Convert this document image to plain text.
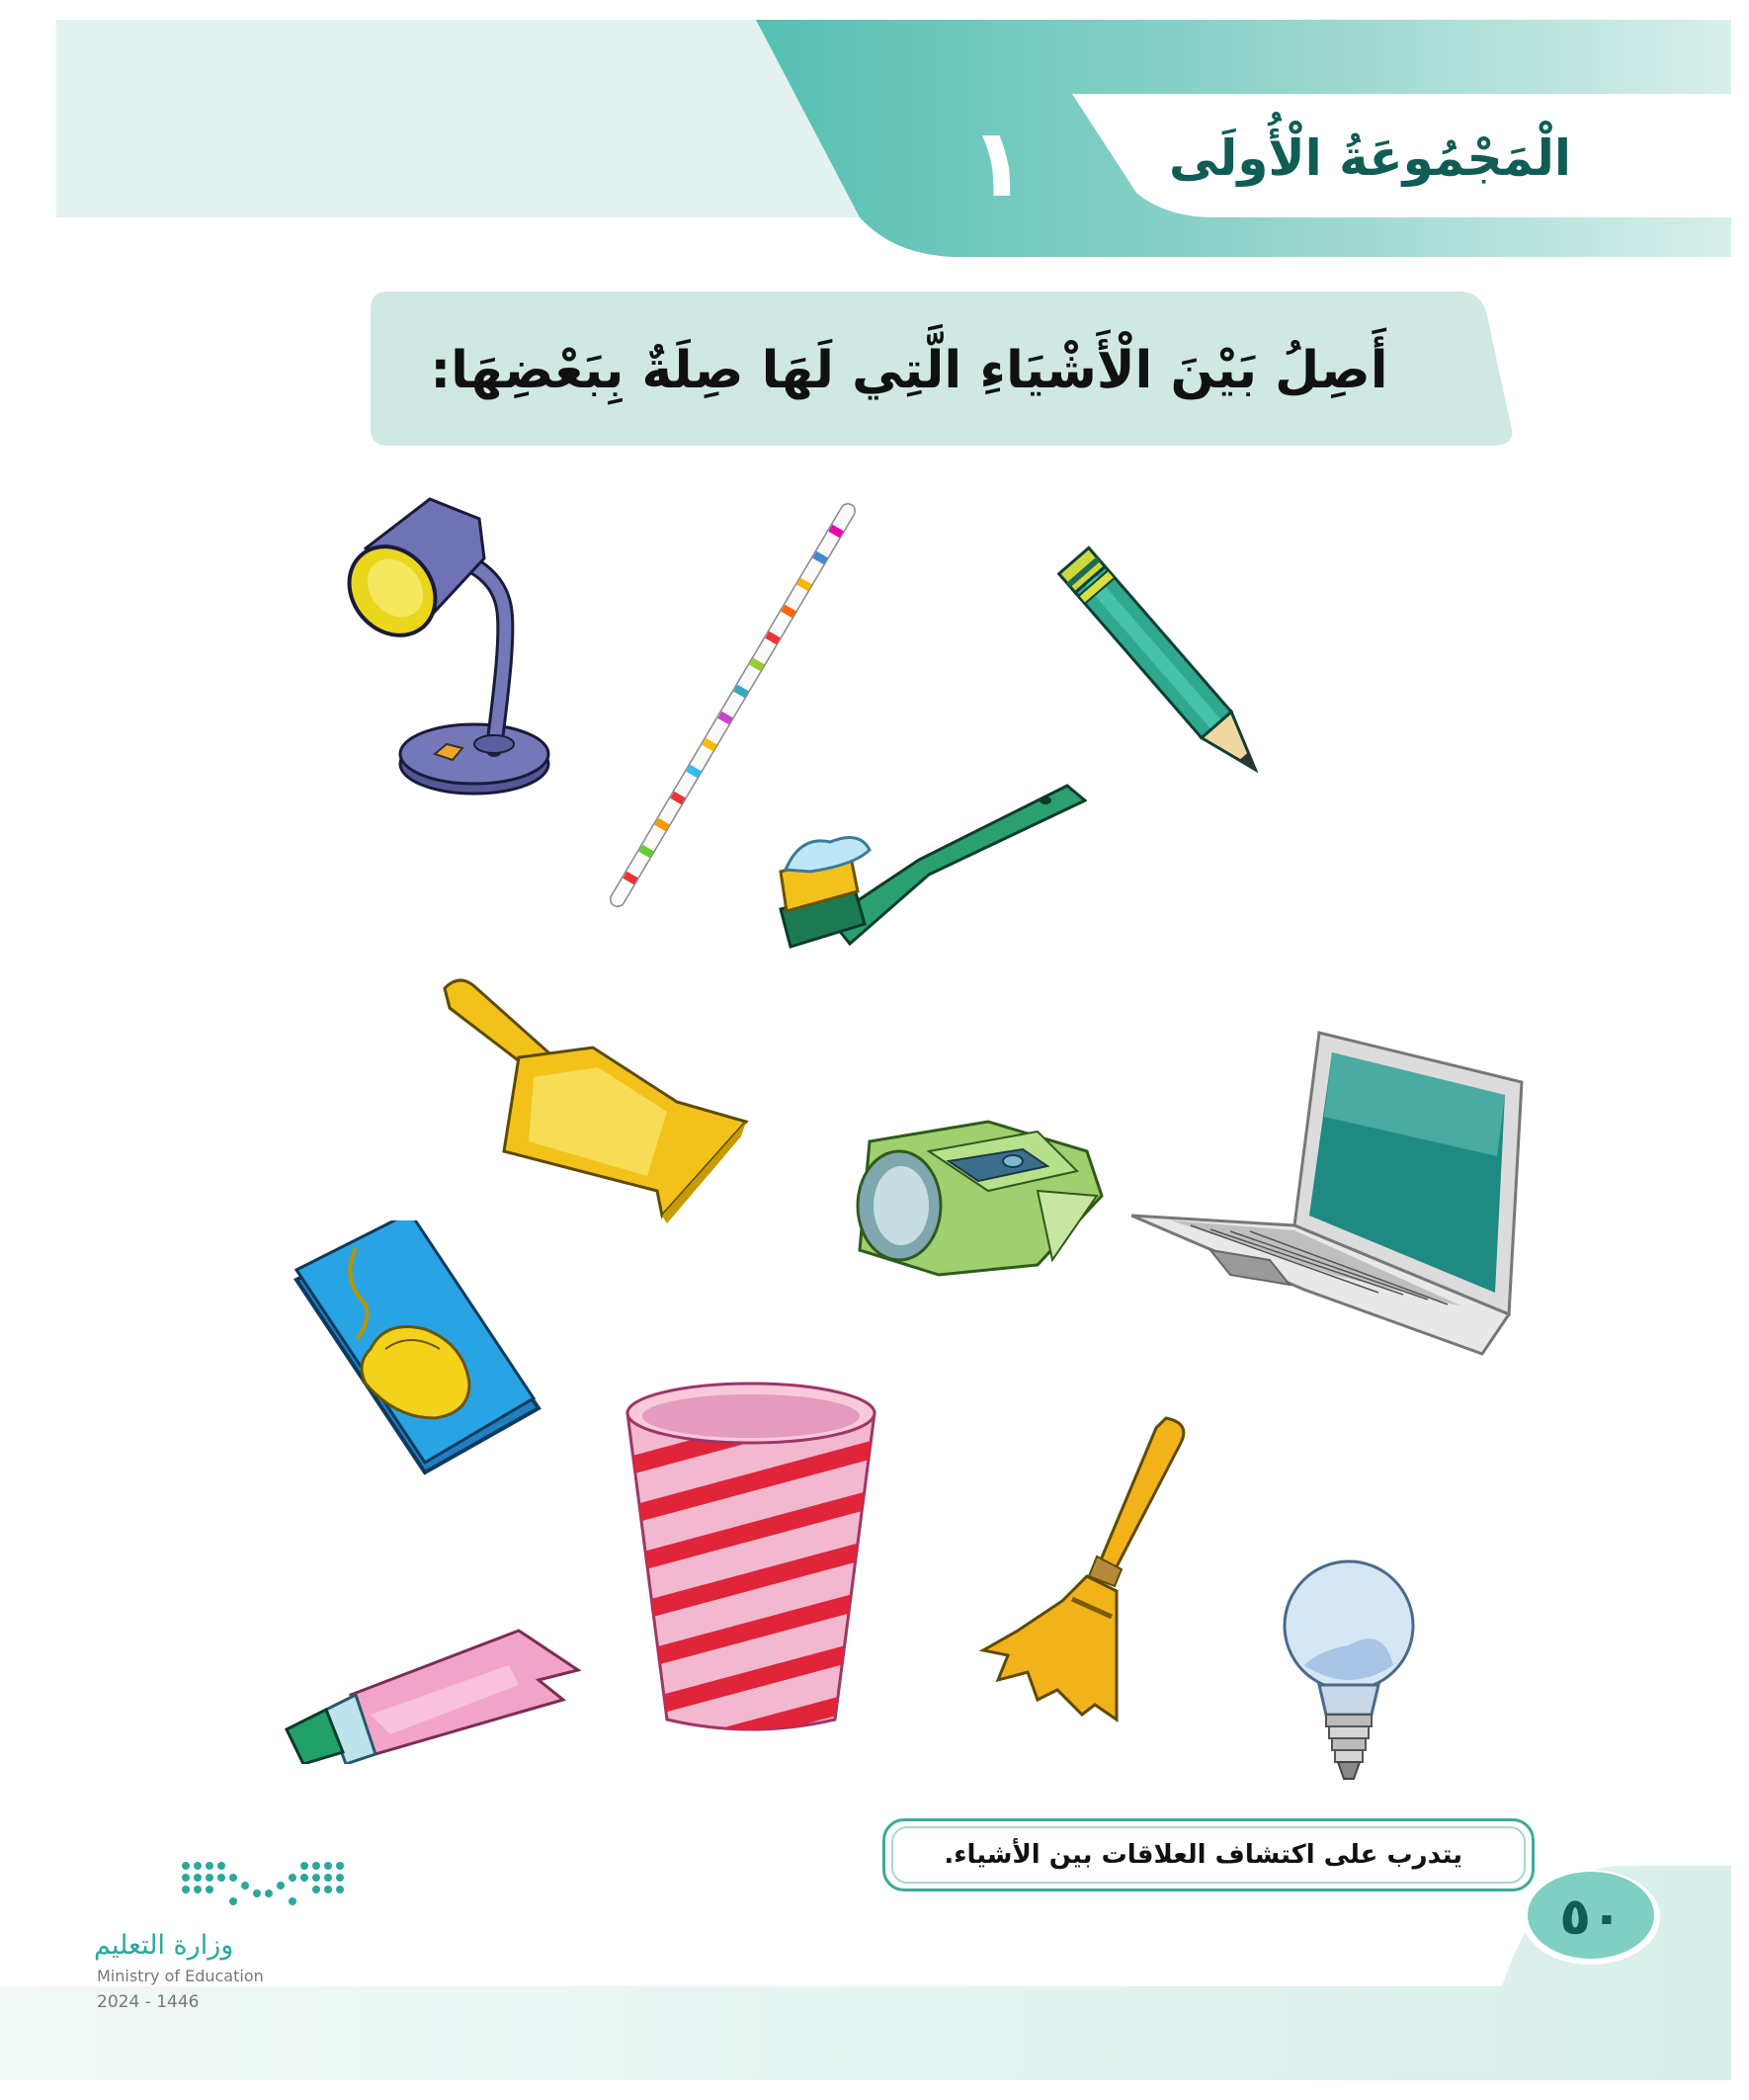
١	الْمَجْمُوعَةُ الْأُولَى
أَصِلُ بَيْنَ الْأَشْيَاءِ الَّتِي لَهَا صِلَةٌ بِبَعْضِهَا:
٥٠
يتدرب على اكتشاف العلاقات بين الأشياء.
وزارة التعليم
Ministry of Education
2024 - 1446
